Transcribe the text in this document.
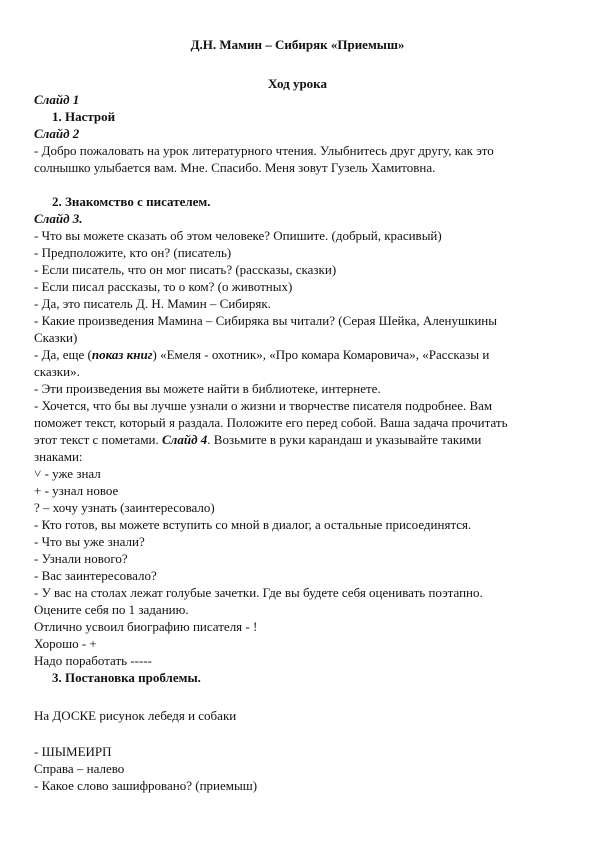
Д.Н. Мамин – Сибиряк «Приемыш»
Ход урока
Слайд 1
1. Настрой
Слайд 2
- Добро пожаловать на урок литературного чтения. Улыбнитесь друг другу, как это
солнышко улыбается вам. Мне. Спасибо. Меня зовут Гузель Хамитовна.
2. Знакомство с писателем.
Слайд 3.
- Что вы можете сказать об этом человеке? Опишите. (добрый, красивый)
- Предположите, кто он? (писатель)
- Если писатель, что он мог писать? (рассказы, сказки)
- Если писал рассказы, то о ком? (о животных)
- Да, это писатель Д. Н. Мамин – Сибиряк.
- Какие произведения Мамина – Сибиряка вы читали? (Серая Шейка, Аленушкины
Сказки)
- Да, еще (показ книг) «Емеля - охотник», «Про комара Комаровича», «Рассказы и
сказки».
- Эти произведения вы можете найти в библиотеке, интернете.
- Хочется, что бы вы лучше узнали о жизни и творчестве писателя подробнее. Вам
поможет текст, который я раздала. Положите его перед собой. Ваша задача прочитать
этот текст с пометами. Слайд 4. Возьмите в руки карандаш и указывайте такими
знаками:
˅ - уже знал
+ - узнал новое
? – хочу узнать (заинтересовало)
- Кто готов, вы можете вступить со мной в диалог, а остальные присоединятся.
- Что вы уже знали?
- Узнали нового?
- Вас заинтересовало?
- У вас на столах лежат голубые зачетки. Где вы будете себя оценивать поэтапно.
Оцените себя по 1 заданию.
Отлично усвоил биографию писателя - !
Хорошо - +
Надо поработать -----
3. Постановка проблемы.
На ДОСКЕ рисунок лебедя и собаки
- ШЫМЕИРП
Справа – налево
- Какое слово зашифровано? (приемыш)
